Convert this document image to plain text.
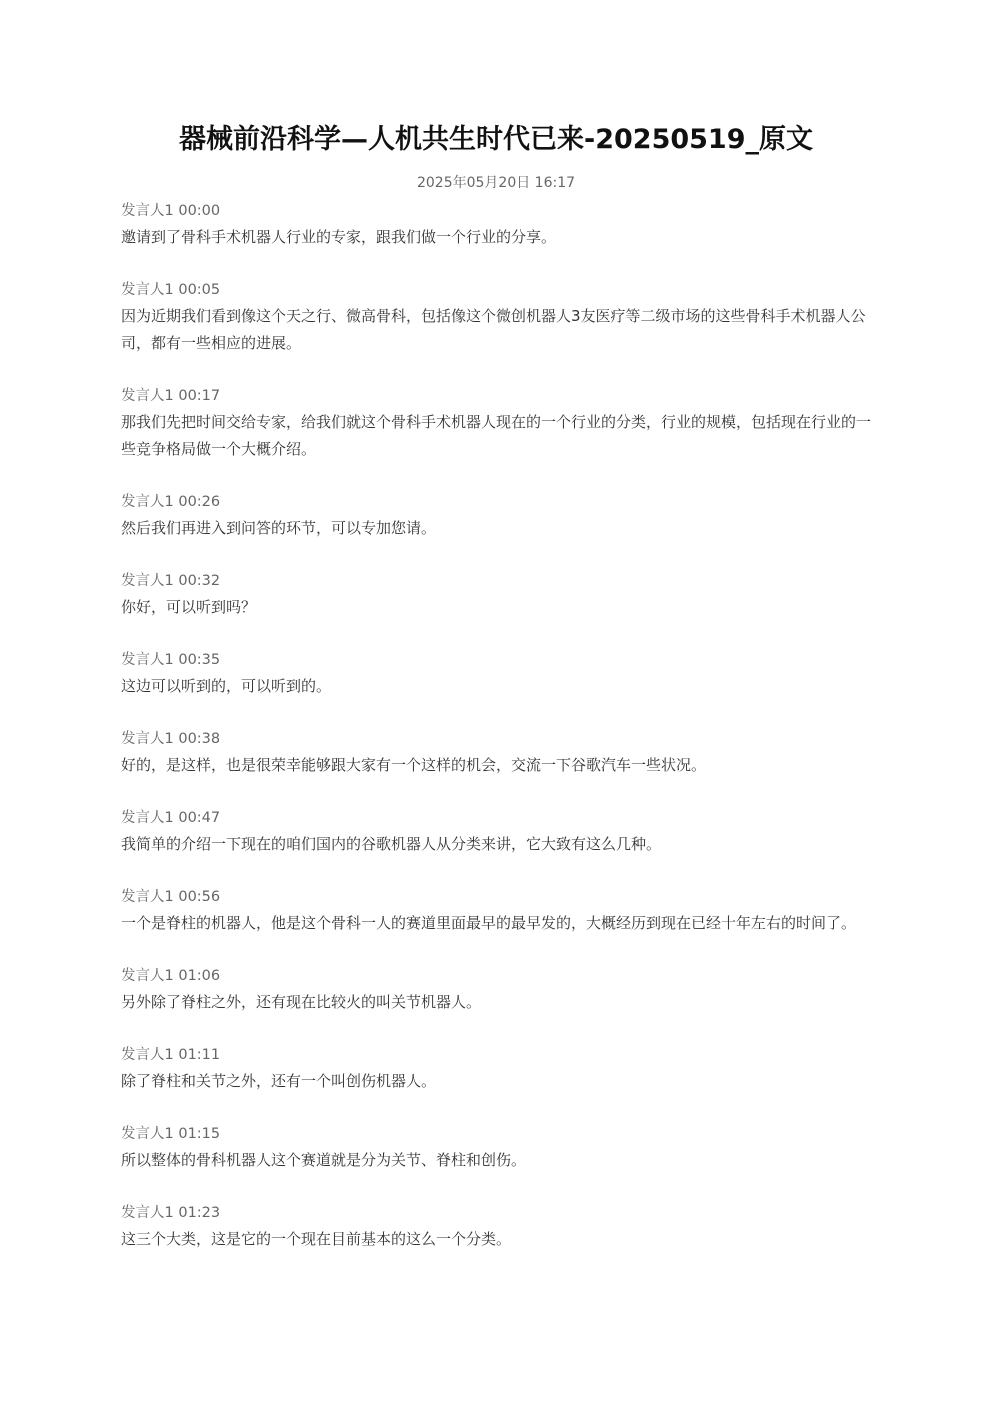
器械前沿科学—人机共生时代已来-20250519_原文
2025年05月20日 16:17
发言人1 00:00

邀请到了骨科手术机器人行业的专家，跟我们做一个行业的分享。

发言人1 00:05

因为近期我们看到像这个天之行、微高骨科，包括像这个微创机器人3友医疗等二级市场的这些骨科手术机器人公司，都有一些相应的进展。

发言人1 00:17

那我们先把时间交给专家，给我们就这个骨科手术机器人现在的一个行业的分类，行业的规模，包括现在行业的一些竞争格局做一个大概介绍。

发言人1 00:26

然后我们再进入到问答的环节，可以专加您请。

发言人1 00:32

你好，可以听到吗？

发言人1 00:35

这边可以听到的，可以听到的。

发言人1 00:38

好的，是这样，也是很荣幸能够跟大家有一个这样的机会，交流一下谷歌汽车一些状况。

发言人1 00:47

我简单的介绍一下现在的咱们国内的谷歌机器人从分类来讲，它大致有这么几种。

发言人1 00:56

一个是脊柱的机器人，他是这个骨科一人的赛道里面最早的最早发的，大概经历到现在已经十年左右的时间了。

发言人1 01:06

另外除了脊柱之外，还有现在比较火的叫关节机器人。

发言人1 01:11

除了脊柱和关节之外，还有一个叫创伤机器人。

发言人1 01:15

所以整体的骨科机器人这个赛道就是分为关节、脊柱和创伤。

发言人1 01:23

这三个大类，这是它的一个现在目前基本的这么一个分类。
